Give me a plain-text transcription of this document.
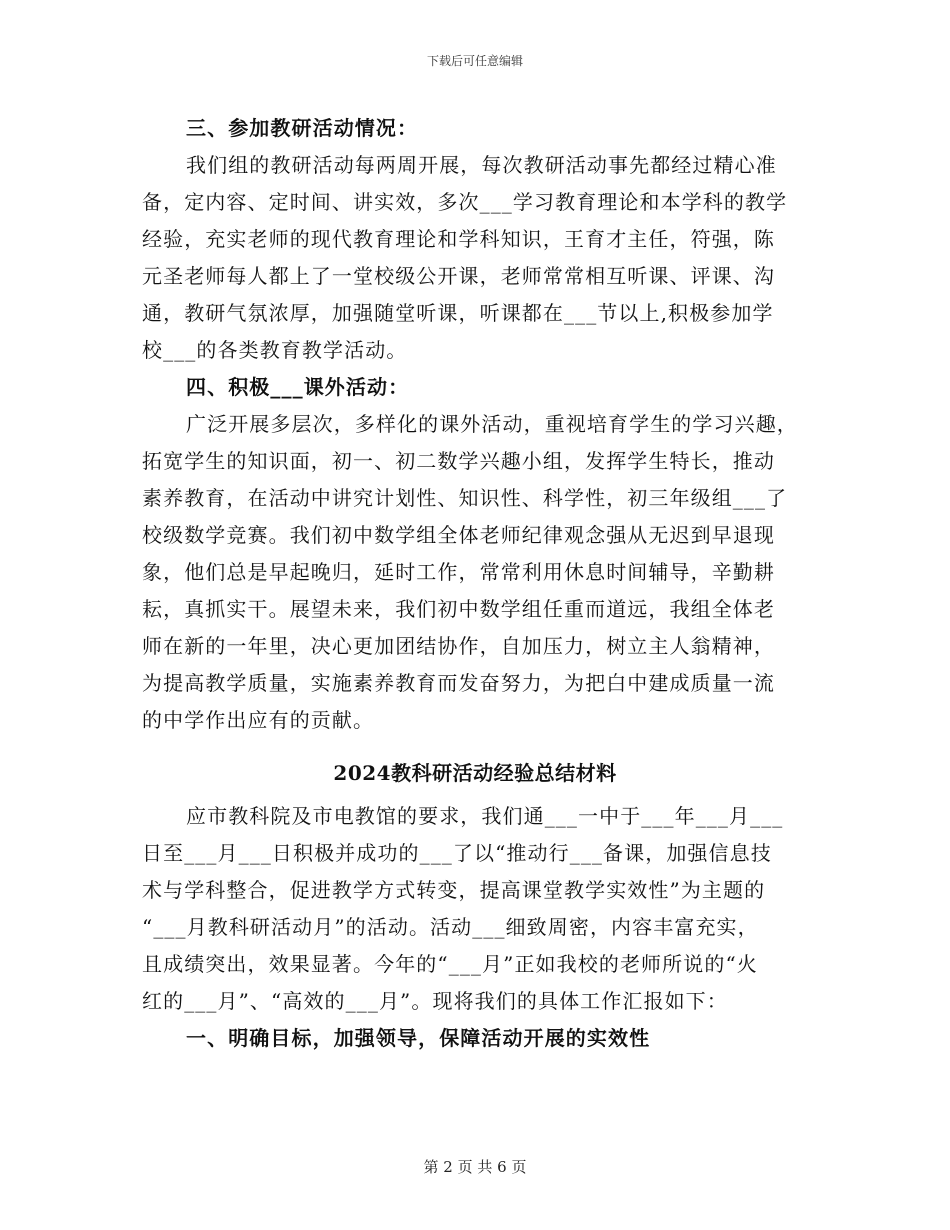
下载后可任意编辑
三、参加教研活动情况：
我们组的教研活动每两周开展，每次教研活动事先都经过精心准
备，定内容、定时间、讲实效，多次___学习教育理论和本学科的教学
经验，充实老师的现代教育理论和学科知识，王育才主任，符强，陈
元圣老师每人都上了一堂校级公开课，老师常常相互听课、评课、沟
通，教研气氛浓厚，加强随堂听课，听课都在___节以上,积极参加学
校___的各类教育教学活动。
四、积极___课外活动：
广泛开展多层次，多样化的课外活动，重视培育学生的学习兴趣，
拓宽学生的知识面，初一、初二数学兴趣小组，发挥学生特长，推动
素养教育，在活动中讲究计划性、知识性、科学性，初三年级组___了
校级数学竞赛。我们初中数学组全体老师纪律观念强从无迟到早退现
象，他们总是早起晚归，延时工作，常常利用休息时间辅导，辛勤耕
耘，真抓实干。展望未来，我们初中数学组任重而道远，我组全体老
师在新的一年里，决心更加团结协作，自加压力，树立主人翁精神，
为提高教学质量，实施素养教育而发奋努力，为把白中建成质量一流
的中学作出应有的贡献。
2024教科研活动经验总结材料
应市教科院及市电教馆的要求，我们通___一中于___年___月___
日至___月___日积极并成功的___了以“推动行___备课，加强信息技
术与学科整合，促进教学方式转变，提高课堂教学实效性”为主题的
“___月教科研活动月”的活动。活动___细致周密，内容丰富充实，
且成绩突出，效果显著。今年的“___月”正如我校的老师所说的“火
红的___月”、“高效的___月”。现将我们的具体工作汇报如下：
一、明确目标，加强领导，保障活动开展的实效性
第 2 页 共 6 页
